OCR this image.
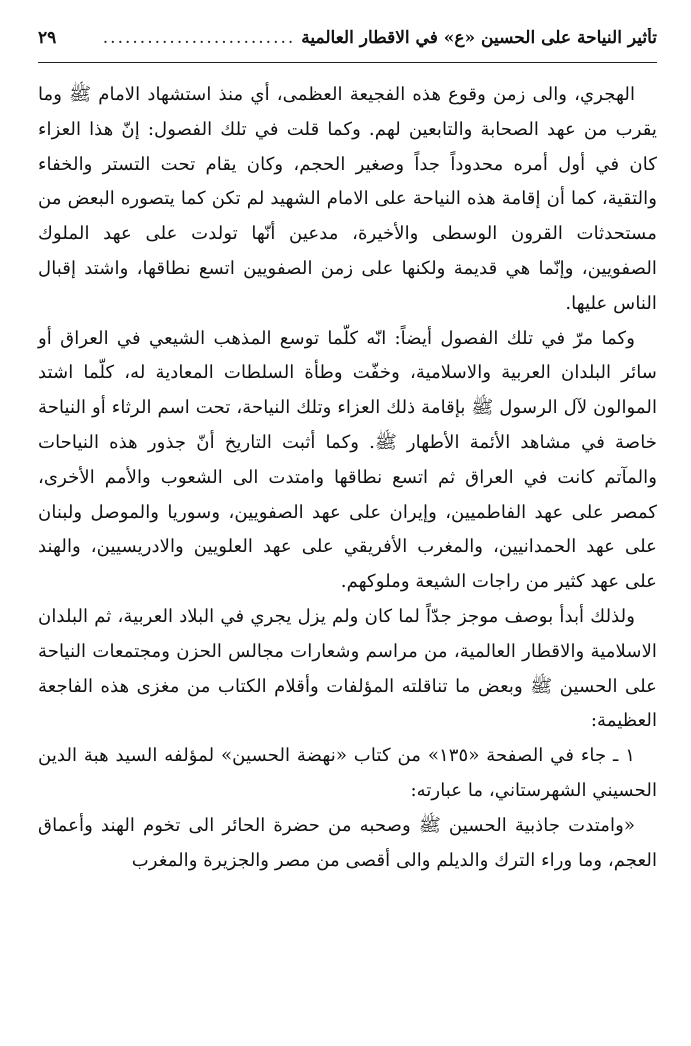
تأثير النياحة على الحسين «ع» في الاقطار العالمية
..........................
٢٩

الهجري، والى زمن وقوع هذه الفجيعة العظمى، أي منذ استشهاد الامام ﷺ وما يقرب من عهد الصحابة والتابعين لهم. وكما قلت في تلك الفصول: إنّ هذا العزاء كان في أول أمره محدوداً جداً وصغير الحجم، وكان يقام تحت التستر والخفاء والتقية، كما أن إقامة هذه النياحة على الامام الشهيد لم تكن كما يتصوره البعض من مستحدثات القرون الوسطى والأخيرة، مدعين أنّها تولدت على عهد الملوك الصفويين، وإنّما هي قديمة ولكنها على زمن الصفويين اتسع نطاقها، واشتد إقبال الناس عليها.

وكما مرّ في تلك الفصول أيضاً: انّه كلّما توسع المذهب الشيعي في العراق أو سائر البلدان العربية والاسلامية، وخفّت وطأة السلطات المعادية له، كلّما اشتد الموالون لآل الرسول ﷺ بإقامة ذلك العزاء وتلك النياحة، تحت اسم الرثاء أو النياحة خاصة في مشاهد الأئمة الأطهار ﷺ. وكما أثبت التاريخ أنّ جذور هذه النياحات والمآتم كانت في العراق ثم اتسع نطاقها وامتدت الى الشعوب والأمم الأخرى، كمصر على عهد الفاطميين، وإيران على عهد الصفويين، وسوريا والموصل ولبنان على عهد الحمدانيين، والمغرب الأفريقي على عهد العلويين والادريسيين، والهند على عهد كثير من راجات الشيعة وملوكهم.

ولذلك أبدأ بوصف موجز جدّاً لما كان ولم يزل يجري في البلاد العربية، ثم البلدان الاسلامية والاقطار العالمية، من مراسم وشعارات مجالس الحزن ومجتمعات النياحة على الحسين ﷺ وبعض ما تناقلته المؤلفات وأقلام الكتاب من مغزى هذه الفاجعة العظيمة:

١ ـ جاء في الصفحة «١٣٥» من كتاب «نهضة الحسين» لمؤلفه السيد هبة الدين الحسيني الشهرستاني، ما عبارته:

«وامتدت جاذبية الحسين ﷺ وصحبه من حضرة الحائر الى تخوم الهند وأعماق العجم، وما وراء الترك والديلم والى أقصى من مصر والجزيرة والمغرب
